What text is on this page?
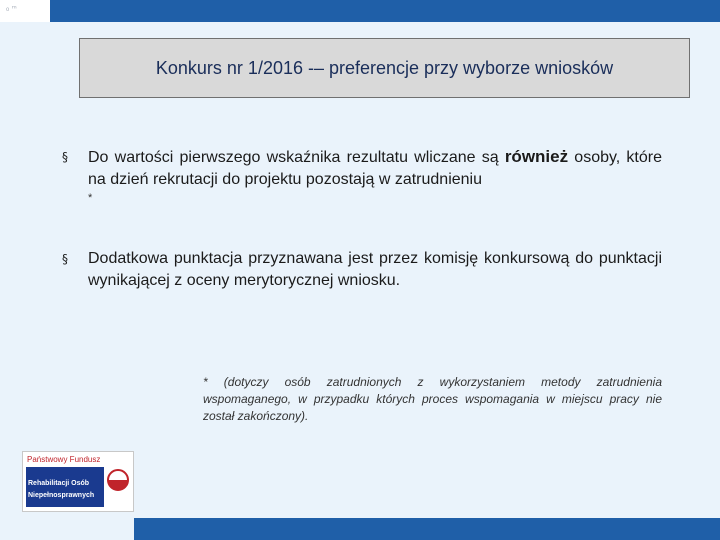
₀ ᵐ
Konkurs nr 1/2016 -– preferencje przy wyborze wniosków
§ Do wartości pierwszego wskaźnika rezultatu wliczane są również osoby, które na dzień rekrutacji do projektu pozostają w zatrudnieniu
*
§ Dodatkowa punktacja przyznawana jest przez komisję konkursową do punktacji wynikającej z oceny merytorycznej wniosku.
* (dotyczy osób zatrudnionych z wykorzystaniem metody zatrudnienia wspomaganego, w przypadku których proces wspomagania w miejscu pracy nie został zakończony).
Państwowy Fundusz
Rehabilitacji Osób
Niepełnosprawnych
